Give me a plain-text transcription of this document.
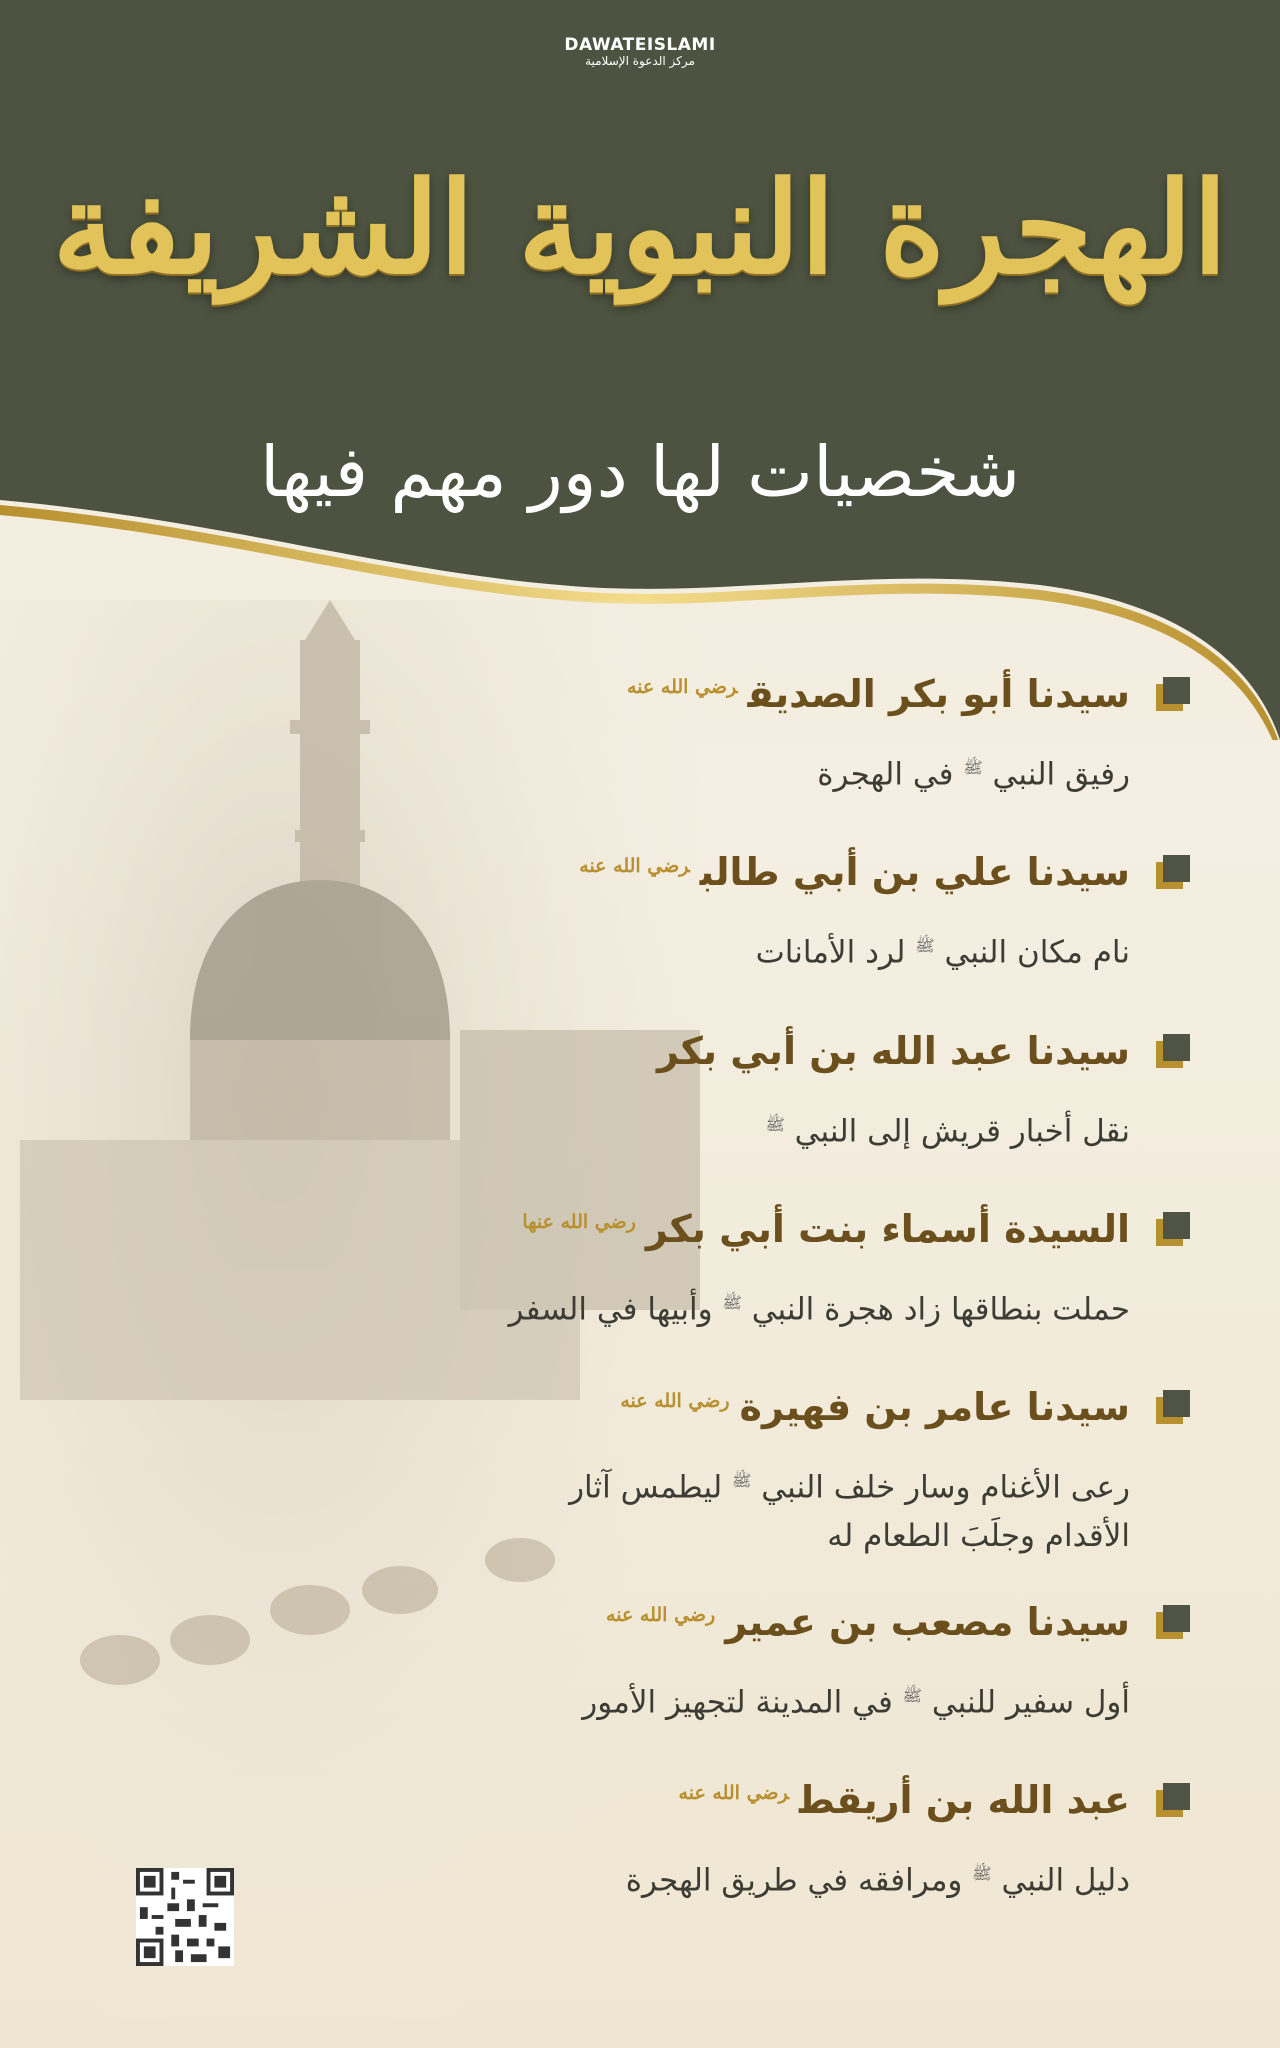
DAWATEISLAMI
مركز الدعوة الإسلامية
الهجرة النبوية الشريفة
شخصيات لها دور مهم فيها
سيدنا أبو بكر الصديق$^{رضي الله عنه}$
رفيق النبي $^ﷺ$ في الهجرة
سيدنا علي بن أبي طالب$^{رضي الله عنه}$
نام مكان النبي $^ﷺ$ لرد الأمانات
سيدنا عبد الله بن أبي بكر
نقل أخبار قريش إلى النبي $^ﷺ$
السيدة أسماء بنت أبي بكر$^{رضي الله عنها}$
حملت بنطاقها زاد هجرة النبي $^ﷺ$ وأبيها في السفر
سيدنا عامر بن فهيرة$^{رضي الله عنه}$
رعى الأغنام وسار خلف النبي $^ﷺ$ ليطمس آثار الأقدام وجلَبَ الطعام له
سيدنا مصعب بن عمير$^{رضي الله عنه}$
أول سفير للنبي $^ﷺ$ في المدينة لتجهيز الأمور
عبد الله بن أريقط$^{رضي الله عنه}$
دليل النبي $^ﷺ$ ومرافقه في طريق الهجرة
